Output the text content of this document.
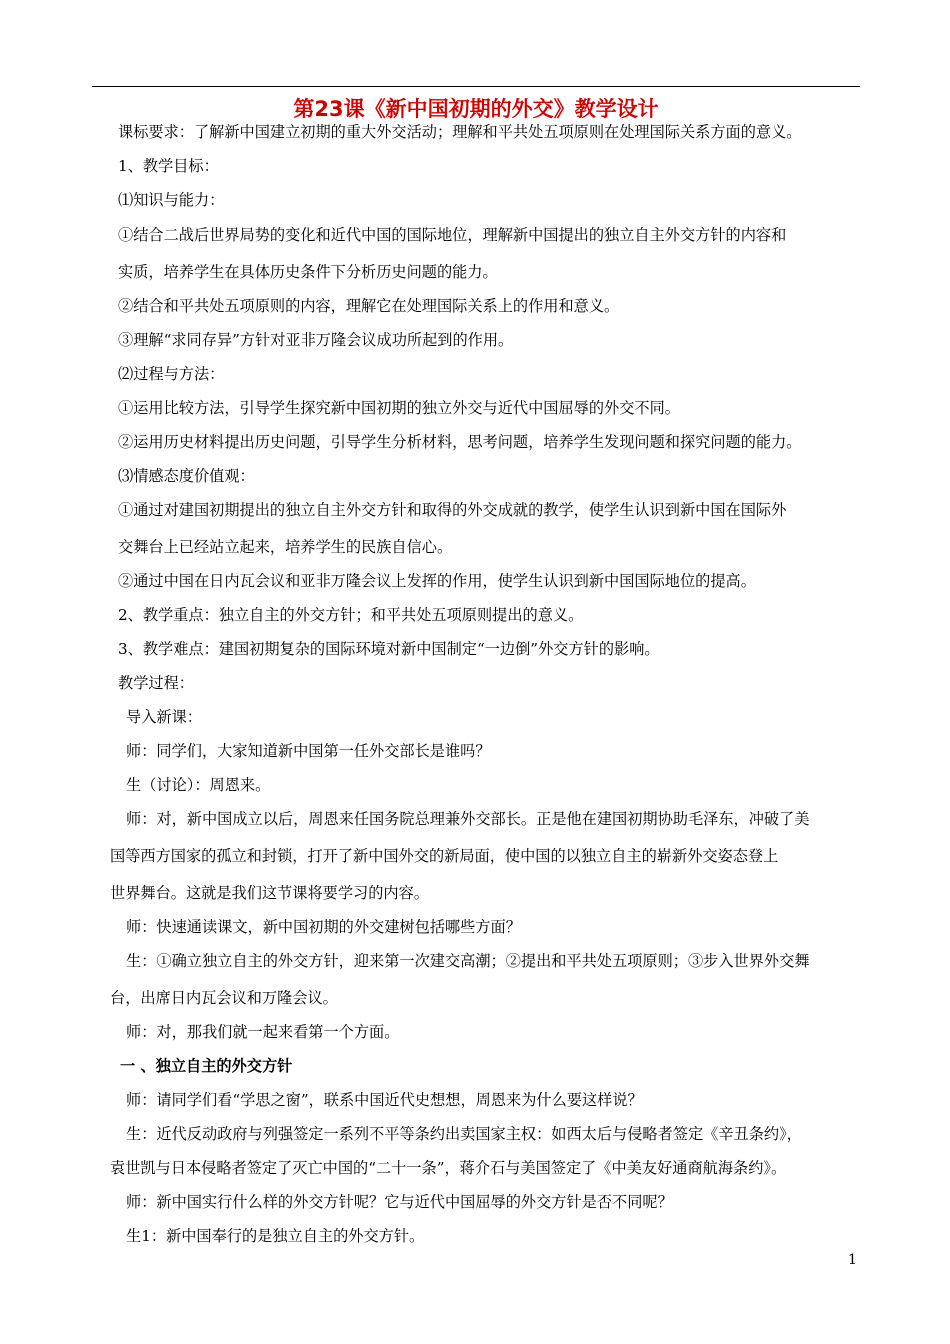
第23课《新中国初期的外交》教学设计
课标要求：了解新中国建立初期的重大外交活动；理解和平共处五项原则在处理国际关系方面的意义。
1、教学目标：
⑴知识与能力：
①结合二战后世界局势的变化和近代中国的国际地位，理解新中国提出的独立自主外交方针的内容和
实质，培养学生在具体历史条件下分析历史问题的能力。
②结合和平共处五项原则的内容，理解它在处理国际关系上的作用和意义。
③理解“求同存异”方针对亚非万隆会议成功所起到的作用。
⑵过程与方法：
①运用比较方法，引导学生探究新中国初期的独立外交与近代中国屈辱的外交不同。
②运用历史材料提出历史问题，引导学生分析材料，思考问题，培养学生发现问题和探究问题的能力。
⑶情感态度价值观：
①通过对建国初期提出的独立自主外交方针和取得的外交成就的教学，使学生认识到新中国在国际外
交舞台上已经站立起来，培养学生的民族自信心。
②通过中国在日内瓦会议和亚非万隆会议上发挥的作用，使学生认识到新中国国际地位的提高。
2、教学重点：独立自主的外交方针；和平共处五项原则提出的意义。
3、教学难点：建国初期复杂的国际环境对新中国制定“一边倒”外交方针的影响。
教学过程：
导入新课：
师：同学们，大家知道新中国第一任外交部长是谁吗？
生（讨论）：周恩来。
师：对，新中国成立以后，周恩来任国务院总理兼外交部长。正是他在建国初期协助毛泽东，冲破了美
国等西方国家的孤立和封锁，打开了新中国外交的新局面，使中国的以独立自主的崭新外交姿态登上
世界舞台。这就是我们这节课将要学习的内容。
师：快速通读课文，新中国初期的外交建树包括哪些方面？
生：①确立独立自主的外交方针，迎来第一次建交高潮；②提出和平共处五项原则；③步入世界外交舞
台，出席日内瓦会议和万隆会议。
师：对，那我们就一起来看第一个方面。
一 、独立自主的外交方针
师：请同学们看“学思之窗”，联系中国近代史想想，周恩来为什么要这样说？
生：近代反动政府与列强签定一系列不平等条约出卖国家主权：如西太后与侵略者签定《辛丑条约》，
袁世凯与日本侵略者签定了灭亡中国的“二十一条”，蒋介石与美国签定了《中美友好通商航海条约》。
师：新中国实行什么样的外交方针呢？它与近代中国屈辱的外交方针是否不同呢？
生1：新中国奉行的是独立自主的外交方针。
1
